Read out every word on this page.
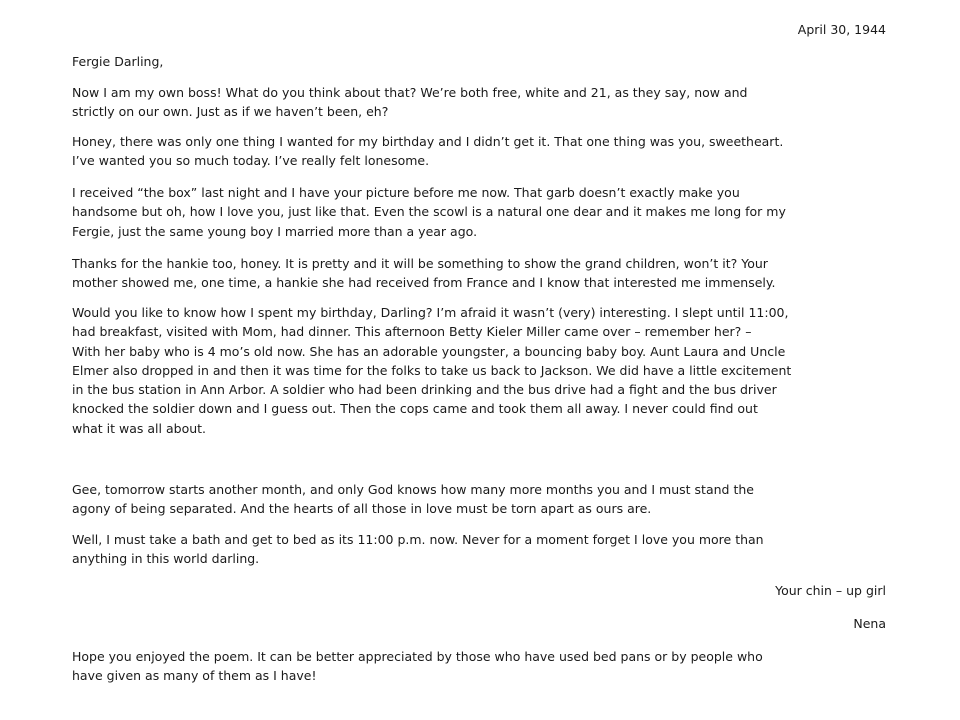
April 30, 1944
Fergie Darling,

Now I am my own boss! What do you think about that? We’re both free, white and 21, as they say, now and
strictly on our own. Just as if we haven’t been, eh?

Honey, there was only one thing I wanted for my birthday and I didn’t get it. That one thing was you, sweetheart.
I’ve wanted you so much today. I’ve really felt lonesome.

I received “the box” last night and I have your picture before me now. That garb doesn’t exactly make you
handsome but oh, how I love you, just like that. Even the scowl is a natural one dear and it makes me long for my
Fergie, just the same young boy I married more than a year ago.

Thanks for the hankie too, honey. It is pretty and it will be something to show the grand children, won’t it? Your
mother showed me, one time, a hankie she had received from France and I know that interested me immensely.

Would you like to know how I spent my birthday, Darling? I’m afraid it wasn’t (very) interesting. I slept until 11:00,
had breakfast, visited with Mom, had dinner. This afternoon Betty Kieler Miller came over – remember her? –
With her baby who is 4 mo’s old now. She has an adorable youngster, a bouncing baby boy. Aunt Laura and Uncle
Elmer also dropped in and then it was time for the folks to take us back to Jackson. We did have a little excitement
in the bus station in Ann Arbor. A soldier who had been drinking and the bus drive had a fight and the bus driver
knocked the soldier down and I guess out. Then the cops came and took them all away. I never could find out
what it was all about.

Gee, tomorrow starts another month, and only God knows how many more months you and I must stand the
agony of being separated. And the hearts of all those in love must be torn apart as ours are.

Well, I must take a bath and get to bed as its 11:00 p.m. now. Never for a moment forget I love you more than
anything in this world darling.

Your chin – up girl
Nena

Hope you enjoyed the poem. It can be better appreciated by those who have used bed pans or by people who
have given as many of them as I have!
